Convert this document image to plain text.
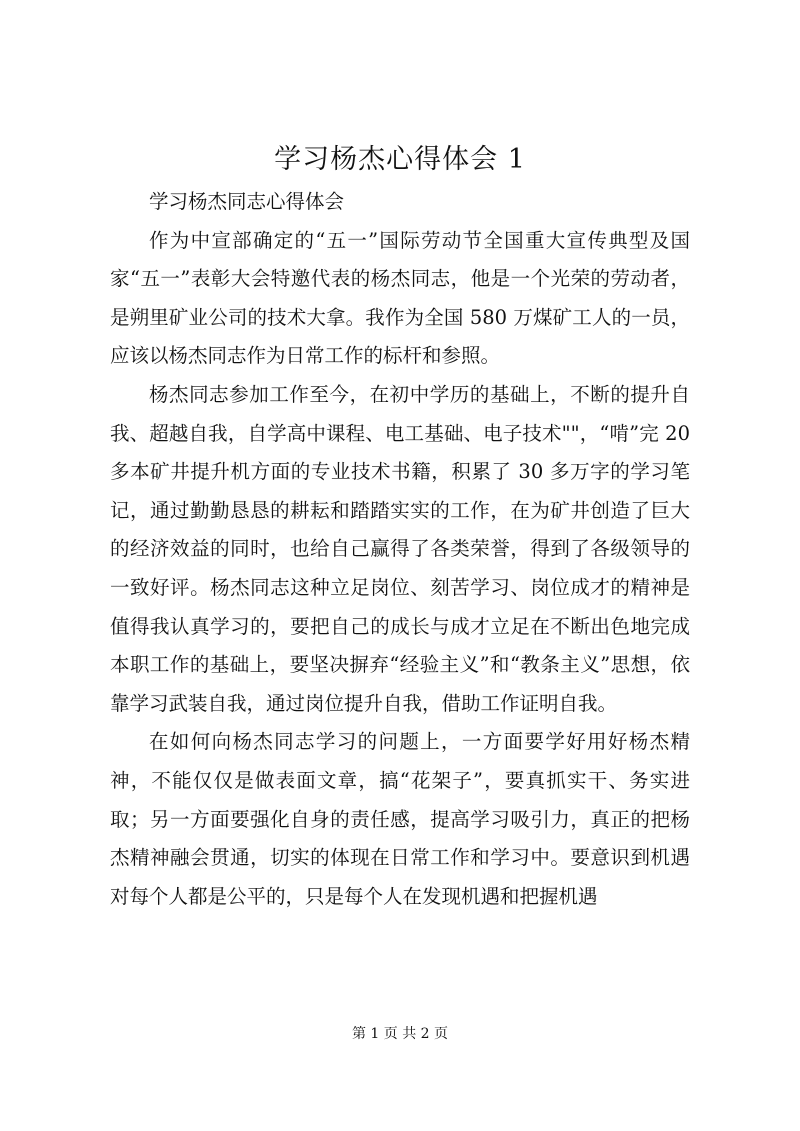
学习杨杰心得体会 1

学习杨杰同志心得体会

作为中宣部确定的“五一”国际劳动节全国重大宣传典型及国家“五一”表彰大会特邀代表的杨杰同志，他是一个光荣的劳动者，是朔里矿业公司的技术大拿。我作为全国 580 万煤矿工人的一员，应该以杨杰同志作为日常工作的标杆和参照。

杨杰同志参加工作至今，在初中学历的基础上，不断的提升自我、超越自我，自学高中课程、电工基础、电子技术""，“啃”完 20 多本矿井提升机方面的专业技术书籍，积累了 30 多万字的学习笔记，通过勤勤恳恳的耕耘和踏踏实实的工作，在为矿井创造了巨大的经济效益的同时，也给自己赢得了各类荣誉，得到了各级领导的一致好评。杨杰同志这种立足岗位、刻苦学习、岗位成才的精神是值得我认真学习的，要把自己的成长与成才立足在不断出色地完成本职工作的基础上，要坚决摒弃“经验主义”和“教条主义”思想，依靠学习武装自我，通过岗位提升自我，借助工作证明自我。

在如何向杨杰同志学习的问题上，一方面要学好用好杨杰精神，不能仅仅是做表面文章，搞“花架子”，要真抓实干、务实进取；另一方面要强化自身的责任感，提高学习吸引力，真正的把杨杰精神融会贯通，切实的体现在日常工作和学习中。要意识到机遇对每个人都是公平的，只是每个人在发现机遇和把握机遇

第 1 页 共 2 页
